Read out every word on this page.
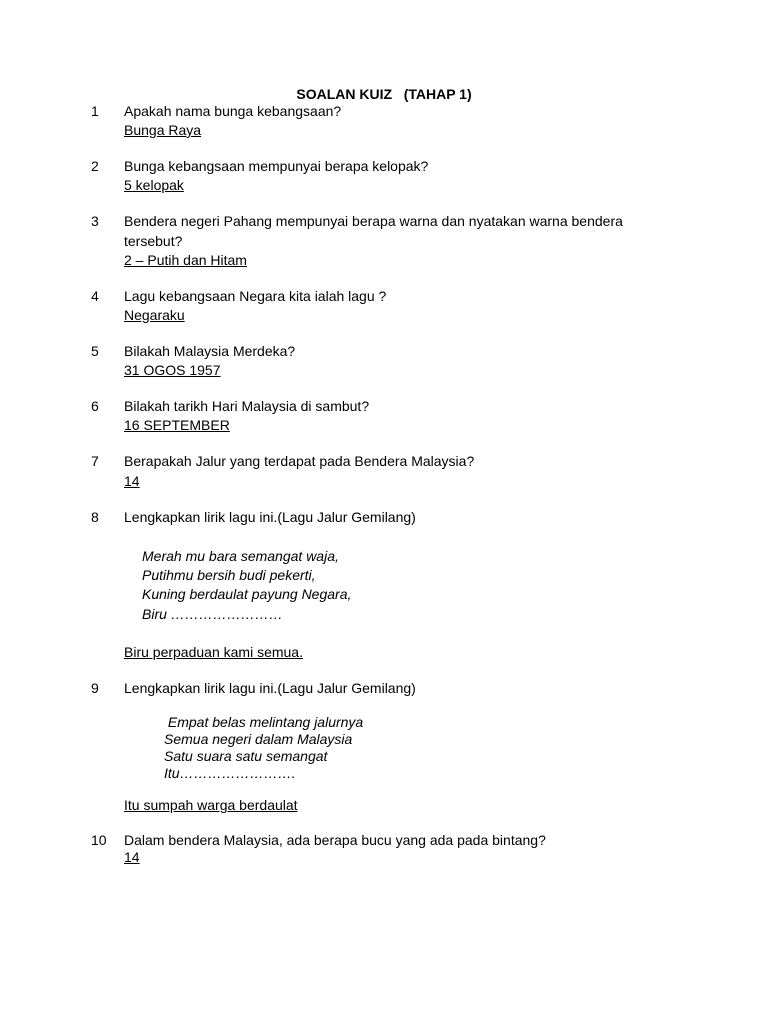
SOALAN KUIZ   (TAHAP 1)
1 Apakah nama bunga kebangsaan?
Bunga Raya
2 Bunga kebangsaan mempunyai berapa kelopak?
5 kelopak
3 Bendera negeri Pahang mempunyai berapa warna dan nyatakan warna bendera
tersebut?
2 – Putih dan Hitam
4 Lagu kebangsaan Negara kita ialah lagu ?
Negaraku
5 Bilakah Malaysia Merdeka?
31 OGOS 1957
6 Bilakah tarikh Hari Malaysia di sambut?
16 SEPTEMBER
7 Berapakah Jalur yang terdapat pada Bendera Malaysia?
14
8 Lengkapkan lirik lagu ini.(Lagu Jalur Gemilang)
Merah mu bara semangat waja,
Putihmu bersih budi pekerti,
Kuning berdaulat payung Negara,
Biru ……………………
Biru perpaduan kami semua.
9 Lengkapkan lirik lagu ini.(Lagu Jalur Gemilang)
Empat belas melintang jalurnya
Semua negeri dalam Malaysia
Satu suara satu semangat
Itu…………………….
Itu sumpah warga berdaulat
10 Dalam bendera Malaysia, ada berapa bucu yang ada pada bintang?
14
